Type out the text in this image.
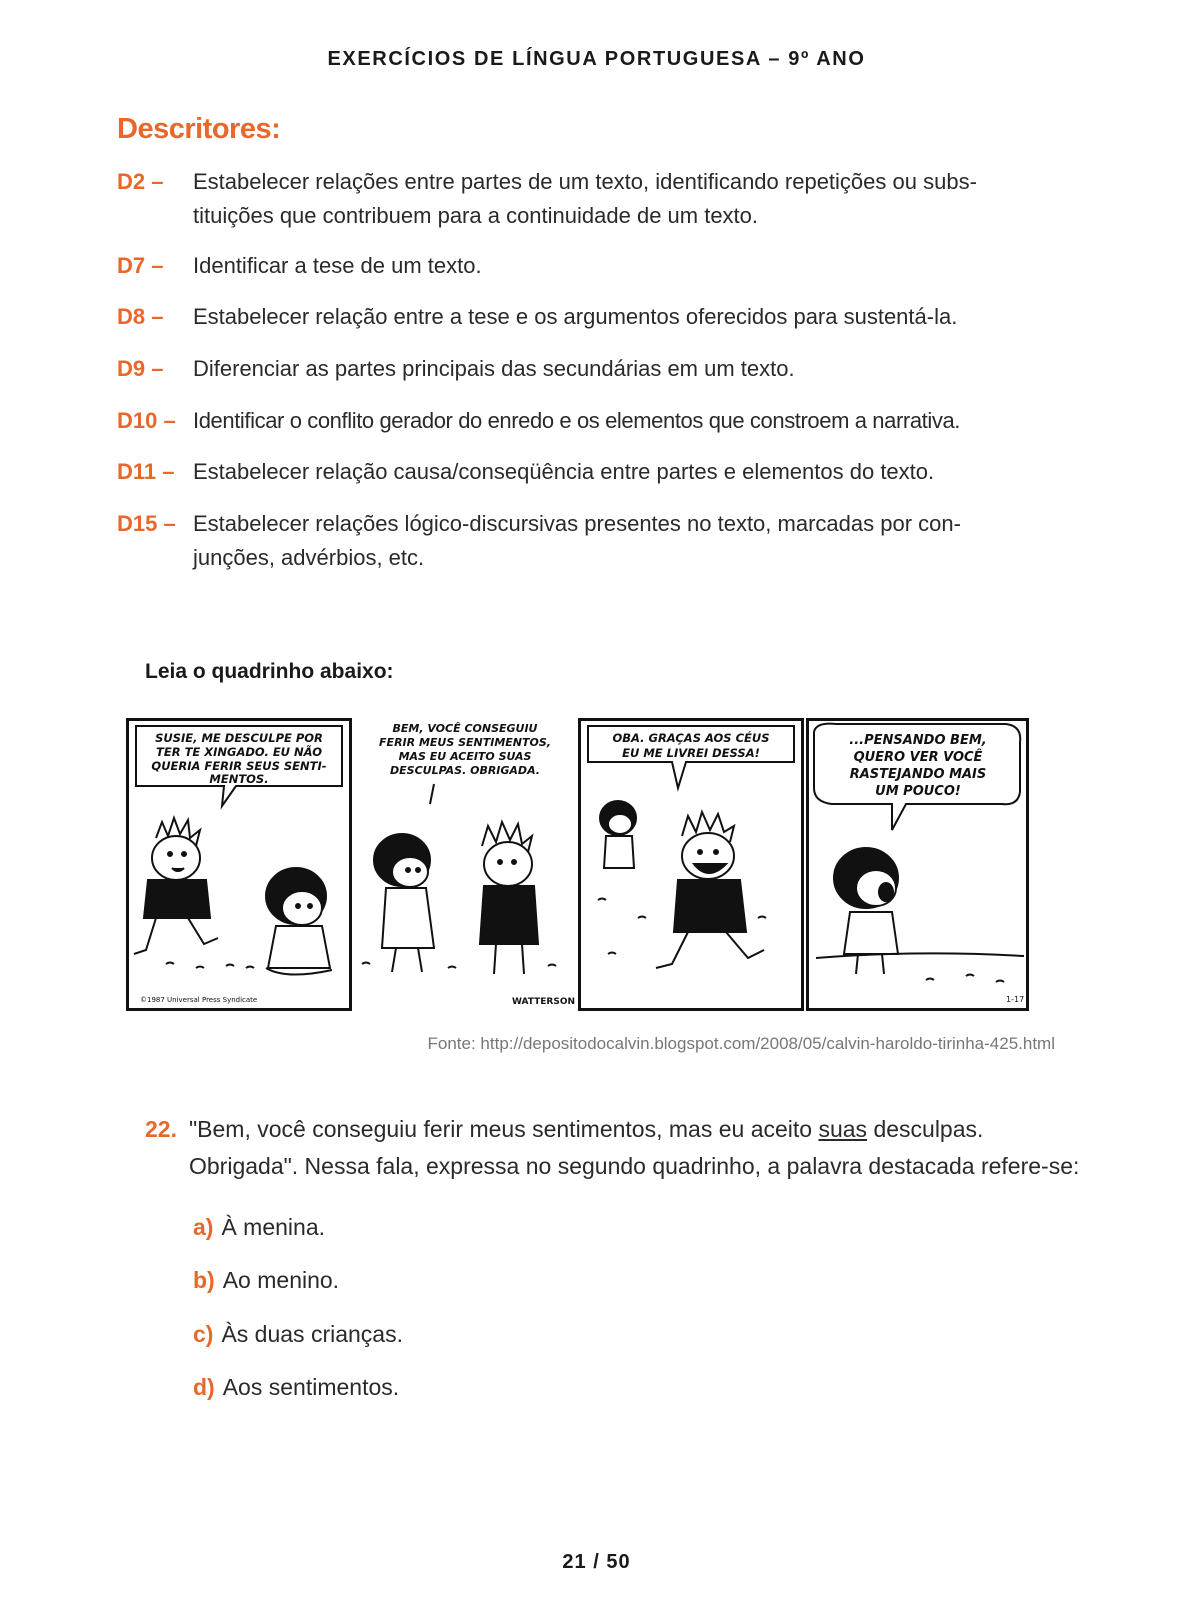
EXERCÍCIOS DE LÍNGUA PORTUGUESA – 9º ANO
Descritores:
D2 – Estabelecer relações entre partes de um texto, identificando repetições ou subs-
tituições que contribuem para a continuidade de um texto.
D7 – Identificar a tese de um texto.
D8 – Estabelecer relação entre a tese e os argumentos oferecidos para sustentá-la.
D9 – Diferenciar as partes principais das secundárias em um texto.
D10 – Identificar o conflito gerador do enredo e os elementos que constroem a narrativa.
D11 – Estabelecer relação causa/conseqüência entre partes e elementos do texto.
D15 – Estabelecer relações lógico-discursivas presentes no texto, marcadas por con-
junções, advérbios, etc.
Leia o quadrinho abaixo:
SUSIE, ME DESCULPE POR
TER TE XINGADO. EU NÃO
QUERIA FERIR SEUS SENTI-
MENTOS.
©1987 Universal Press Syndicate
BEM, VOCÊ CONSEGUIU
FERIR MEUS SENTIMENTOS,
MAS EU ACEITO SUAS
DESCULPAS. OBRIGADA.
WATTERSON
OBA. GRAÇAS AOS CÉUS
EU ME LIVREI DESSA!
...PENSANDO BEM,
QUERO VER VOCÊ
RASTEJANDO MAIS
UM POUCO!
1-17
Fonte: http://depositodocalvin.blogspot.com/2008/05/calvin-haroldo-tirinha-425.html
22. "Bem, você conseguiu ferir meus sentimentos, mas eu aceito suas desculpas. Obrigada". Nessa fala, expressa no segundo quadrinho, a palavra destacada refere-se:
a) À menina.
b) Ao menino.
c) Às duas crianças.
d) Aos sentimentos.
21 / 50
